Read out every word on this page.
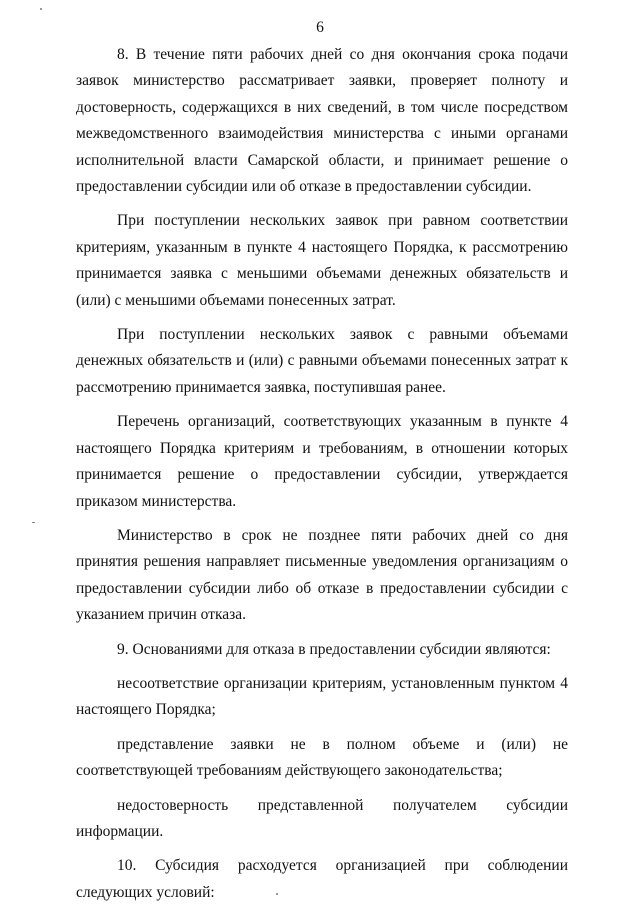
6

8. В течение пяти рабочих дней со дня окончания срока подачи заявок министерство рассматривает заявки, проверяет полноту и достоверность, содержащихся в них сведений, в том числе посредством межведомственного взаимодействия министерства с иными органами исполнительной власти Самарской области, и принимает решение о предоставлении субсидии или об отказе в предоставлении субсидии.

При поступлении нескольких заявок при равном соответствии критериям, указанным в пункте 4 настоящего Порядка, к рассмотрению принимается заявка с меньшими объемами денежных обязательств и (или) с меньшими объемами понесенных затрат.

При поступлении нескольких заявок с равными объемами денежных обязательств и (или) с равными объемами понесенных затрат к рассмотрению принимается заявка, поступившая ранее.

Перечень организаций, соответствующих указанным в пункте 4 настоящего Порядка критериям и требованиям, в отношении которых принимается решение о предоставлении субсидии, утверждается приказом министерства.

Министерство в срок не позднее пяти рабочих дней со дня принятия решения направляет письменные уведомления организациям о предоставлении субсидии либо об отказе в предоставлении субсидии с указанием причин отказа.

9. Основаниями для отказа в предоставлении субсидии являются:

несоответствие организации критериям, установленным пунктом 4 настоящего Порядка;

представление заявки не в полном объеме и (или) не соответствующей требованиям действующего законодательства;

недостоверность представленной получателем субсидии информации.

10. Субсидия расходуется организацией при соблюдении следующих условий:
